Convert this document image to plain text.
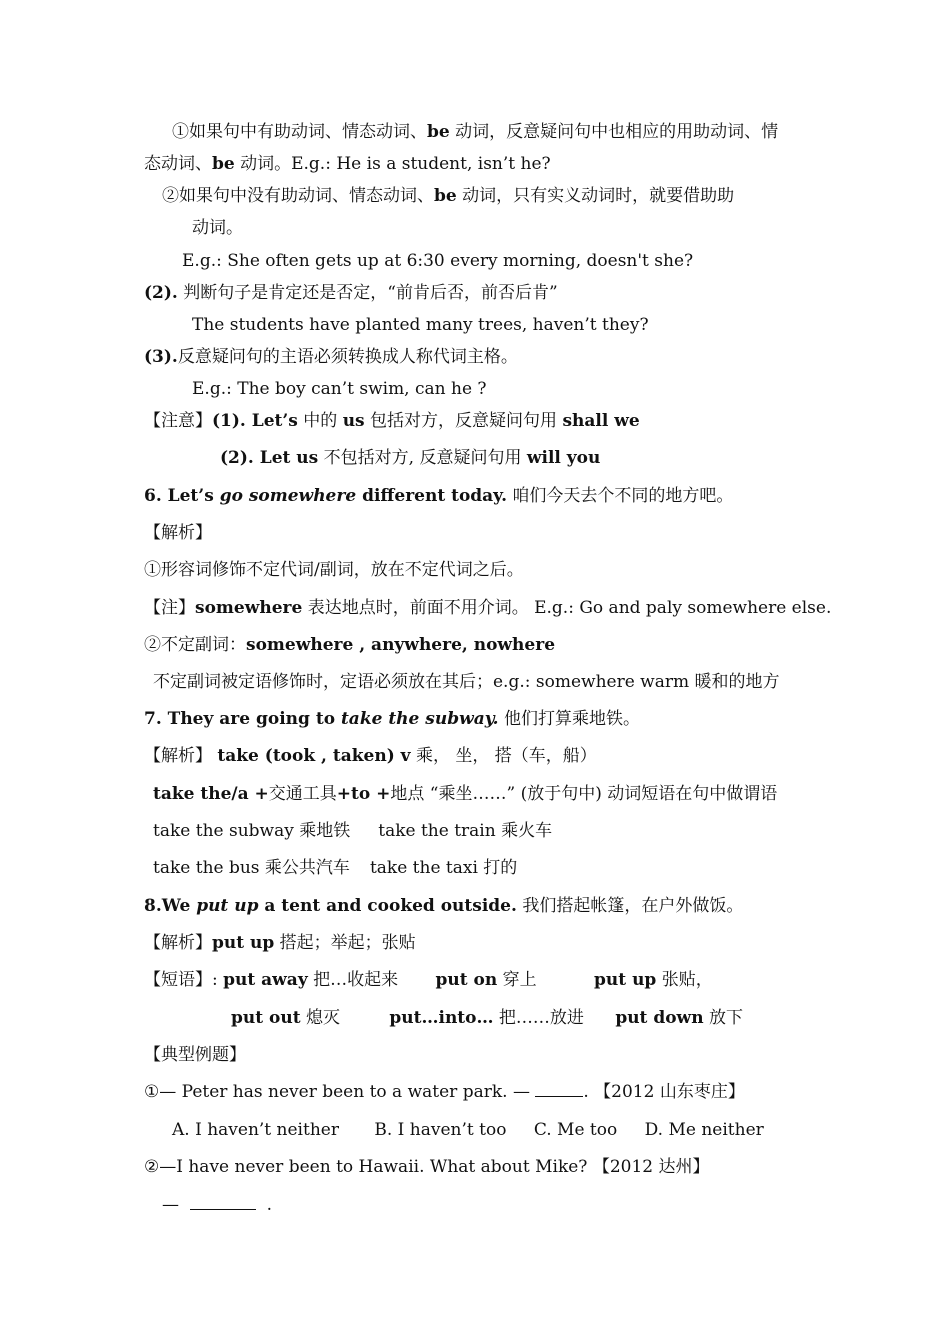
①如果句中有助动词、情态动词、be 动词，反意疑问句中也相应的用助动词、情
态动词、be 动词。E.g.: He is a student, isn’t he?
②如果句中没有助动词、情态动词、be 动词，只有实义动词时，就要借助助
动词。
E.g.: She often gets up at 6:30 every morning, doesn't she?
(2). 判断句子是肯定还是否定，“前肯后否，前否后肯”
The students have planted many trees, haven’t they?
(3).反意疑问句的主语必须转换成人称代词主格。
E.g.: The boy can’t swim, can he ?
【注意】(1). Let’s 中的 us 包括对方，反意疑问句用 shall we
(2). Let us 不包括对方, 反意疑问句用 will you
6. Let’s go somewhere different today. 咱们今天去个不同的地方吧。
【解析】
①形容词修饰不定代词/副词，放在不定代词之后。
【注】somewhere 表达地点时，前面不用介词。 E.g.: Go and paly somewhere else.
②不定副词：somewhere , anywhere, nowhere
不定副词被定语修饰时，定语必须放在其后；e.g.: somewhere warm 暖和的地方
7. They are going to take the subway. 他们打算乘地铁。
【解析】 take (took , taken) v 乘， 坐， 搭（车，船）
take the/a +交通工具+to +地点 “乘坐……” (放于句中) 动词短语在句中做谓语
take the subway 乘地铁 take the train 乘火车
take the bus 乘公共汽车 take the taxi 打的
8.We put up a tent and cooked outside. 我们搭起帐篷，在户外做饭。
【解析】put up 搭起；举起；张贴
【短语】: put away 把…收起来 put on 穿上	put up 张贴，
put out 熄灭	put…into… 把……放进 put down 放下
【典型例题】
①— Peter has never been to a water park. —	. 【2012 山东枣庄】
A. I haven’t neither B. I haven’t too C. Me too D. Me neither
②—I have never been to Hawaii. What about Mike? 【2012 达州】
—	.
